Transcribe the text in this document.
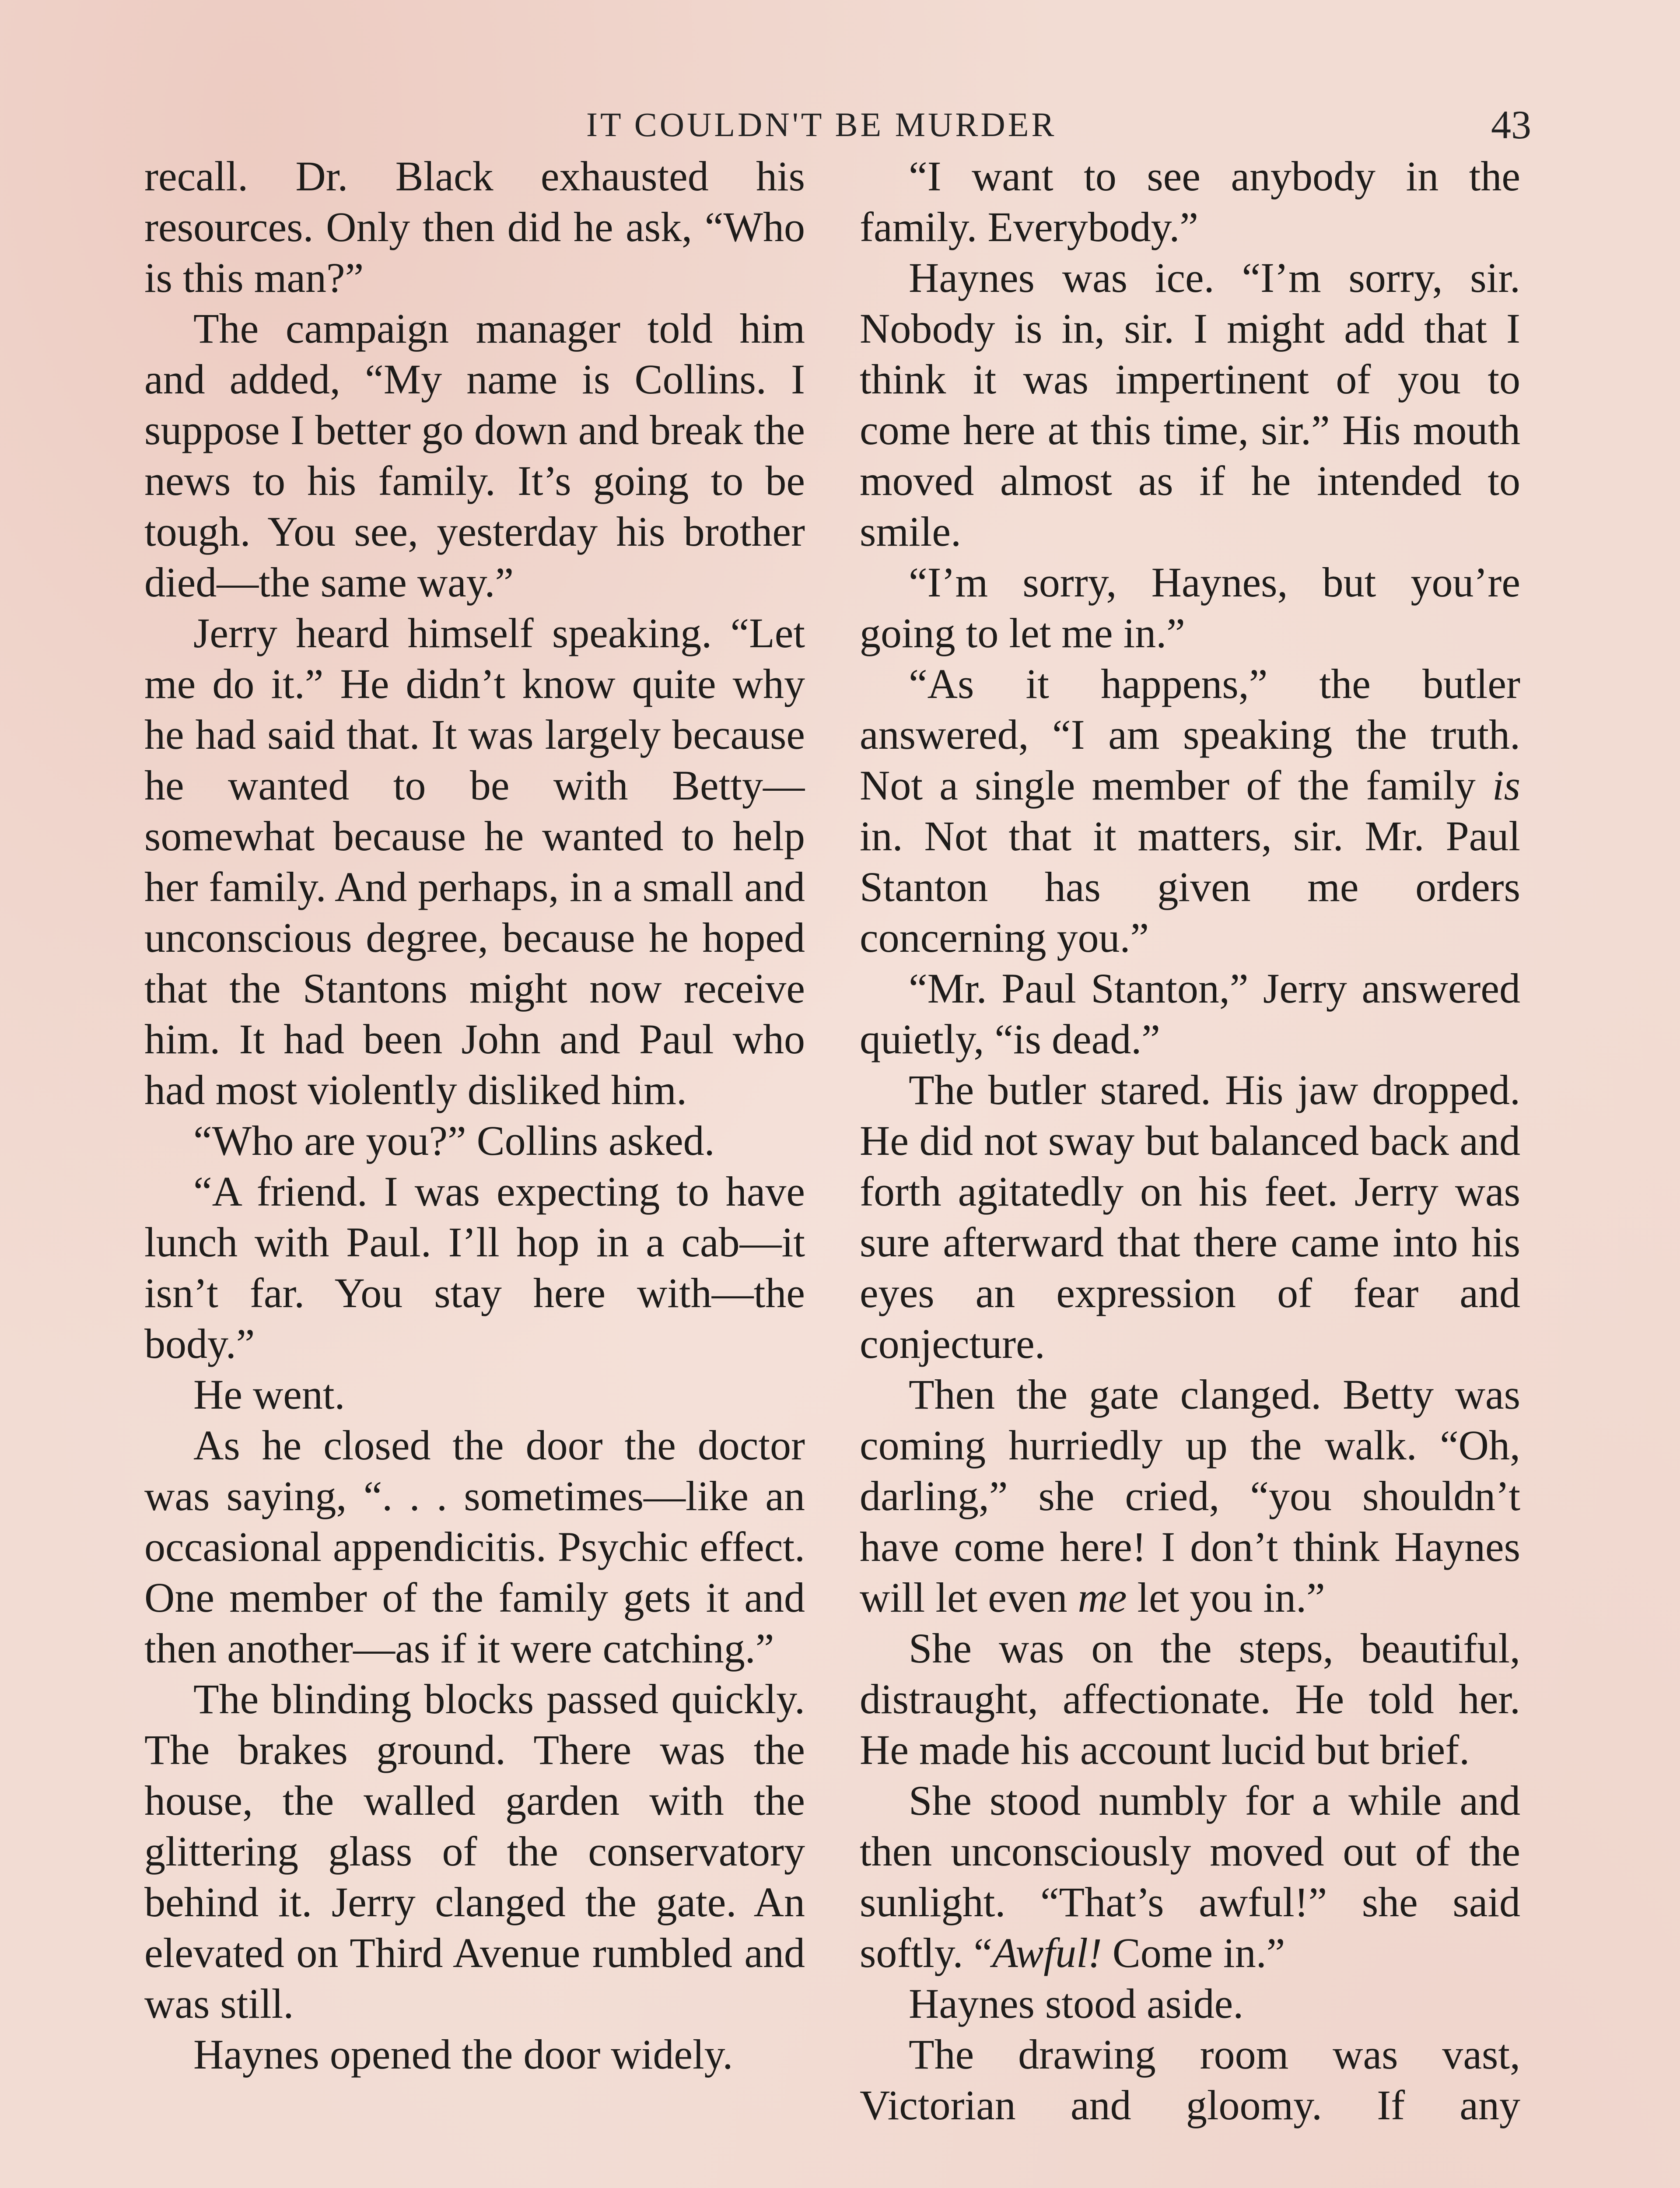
IT COULDN'T BE MURDER	43

recall. Dr. Black exhausted his resources. Only then did he ask, “Who is this man?”

The campaign manager told him and added, “My name is Collins. I suppose I better go down and break the news to his family. It’s going to be tough. You see, yesterday his brother died—the same way.”

Jerry heard himself speaking. “Let me do it.” He didn’t know quite why he had said that. It was largely because he wanted to be with Betty—somewhat because he wanted to help her family. And perhaps, in a small and unconscious degree, because he hoped that the Stantons might now receive him. It had been John and Paul who had most violently disliked him.

“Who are you?” Collins asked.

“A friend. I was expecting to have lunch with Paul. I’ll hop in a cab—it isn’t far. You stay here with—the body.”

He went.

As he closed the door the doctor was saying, “. . . sometimes—like an occasional appendicitis. Psychic effect. One member of the family gets it and then another—as if it were catching.”

The blinding blocks passed quickly. The brakes ground. There was the house, the walled garden with the glittering glass of the conservatory behind it. Jerry clanged the gate. An elevated on Third Avenue rumbled and was still.

Haynes opened the door widely.

“I want to see anybody in the family. Everybody.”

Haynes was ice. “I’m sorry, sir. Nobody is in, sir. I might add that I think it was impertinent of you to come here at this time, sir.” His mouth moved almost as if he intended to smile.

“I’m sorry, Haynes, but you’re going to let me in.”

“As it happens,” the butler answered, “I am speaking the truth. Not a single member of the family is in. Not that it matters, sir. Mr. Paul Stanton has given me orders concerning you.”

“Mr. Paul Stanton,” Jerry answered quietly, “is dead.”

The butler stared. His jaw dropped. He did not sway but balanced back and forth agitatedly on his feet. Jerry was sure afterward that there came into his eyes an expression of fear and conjecture.

Then the gate clanged. Betty was coming hurriedly up the walk. “Oh, darling,” she cried, “you shouldn’t have come here! I don’t think Haynes will let even me let you in.”

She was on the steps, beautiful, distraught, affectionate. He told her. He made his account lucid but brief.

She stood numbly for a while and then unconsciously moved out of the sunlight. “That’s awful!” she said softly. “Awful! Come in.”

Haynes stood aside.

The drawing room was vast, Victorian and gloomy. If any
